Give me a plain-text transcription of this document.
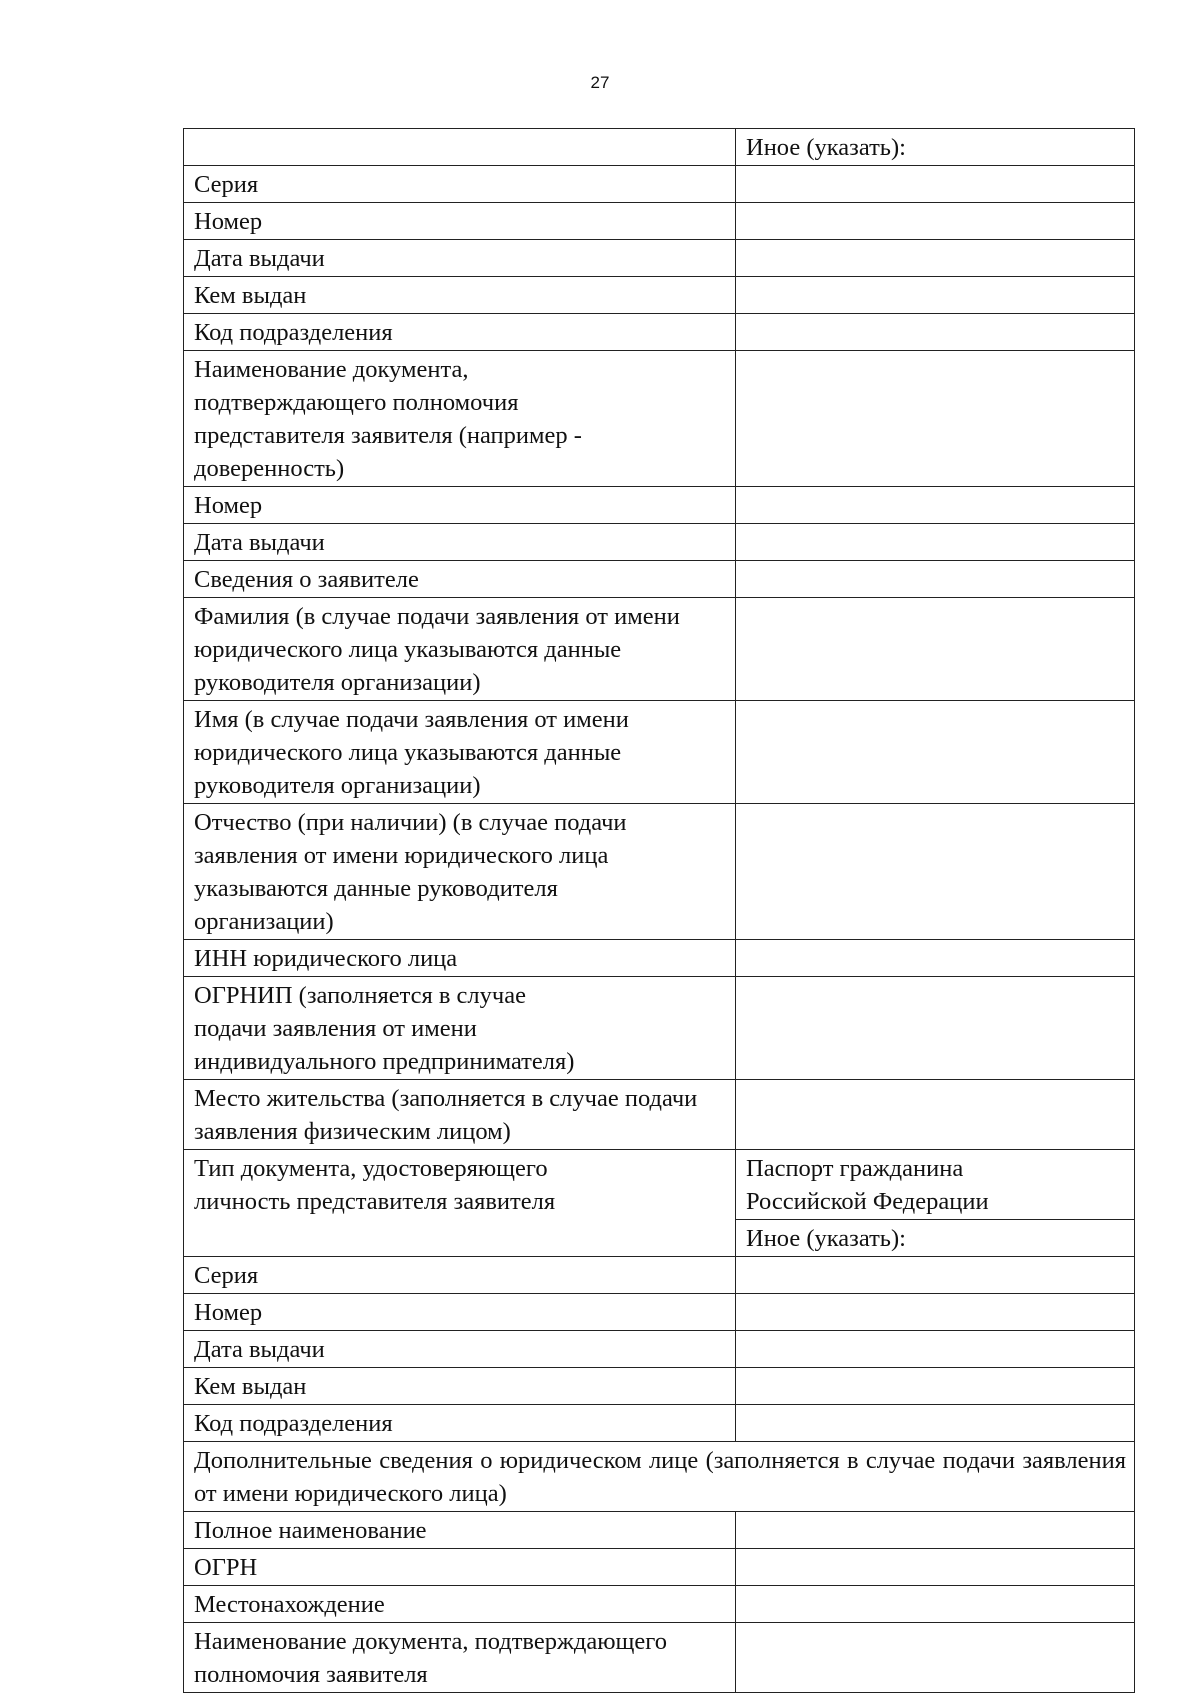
27
	Иное (указать):
Серия	
Номер	
Дата выдачи	
Кем выдан	
Код подразделения	
Наименование документа, подтверждающего полномочия представителя заявителя (например - доверенность)	
Номер	
Дата выдачи	
Сведения о заявителе	
Фамилия (в случае подачи заявления от имени юридического лица указываются данные руководителя организации)	
Имя (в случае подачи заявления от имени юридического лица указываются данные руководителя организации)	
Отчество (при наличии) (в случае подачи заявления от имени юридического лица указываются данные руководителя организации)	
ИНН юридического лица	
ОГРНИП (заполняется в случае подачи заявления от имени индивидуального предпринимателя)	
Место жительства (заполняется в случае подачи заявления физическим лицом)	
Тип документа, удостоверяющего личность представителя заявителя	Паспорт гражданина Российской Федерации
	Иное (указать):
Серия	
Номер	
Дата выдачи	
Кем выдан	
Код подразделения	
Дополнительные сведения о юридическом лице (заполняется в случае подачи заявления от имени юридического лица)	
Полное наименование	
ОГРН	
Местонахождение	
Наименование документа, подтверждающего полномочия заявителя	
